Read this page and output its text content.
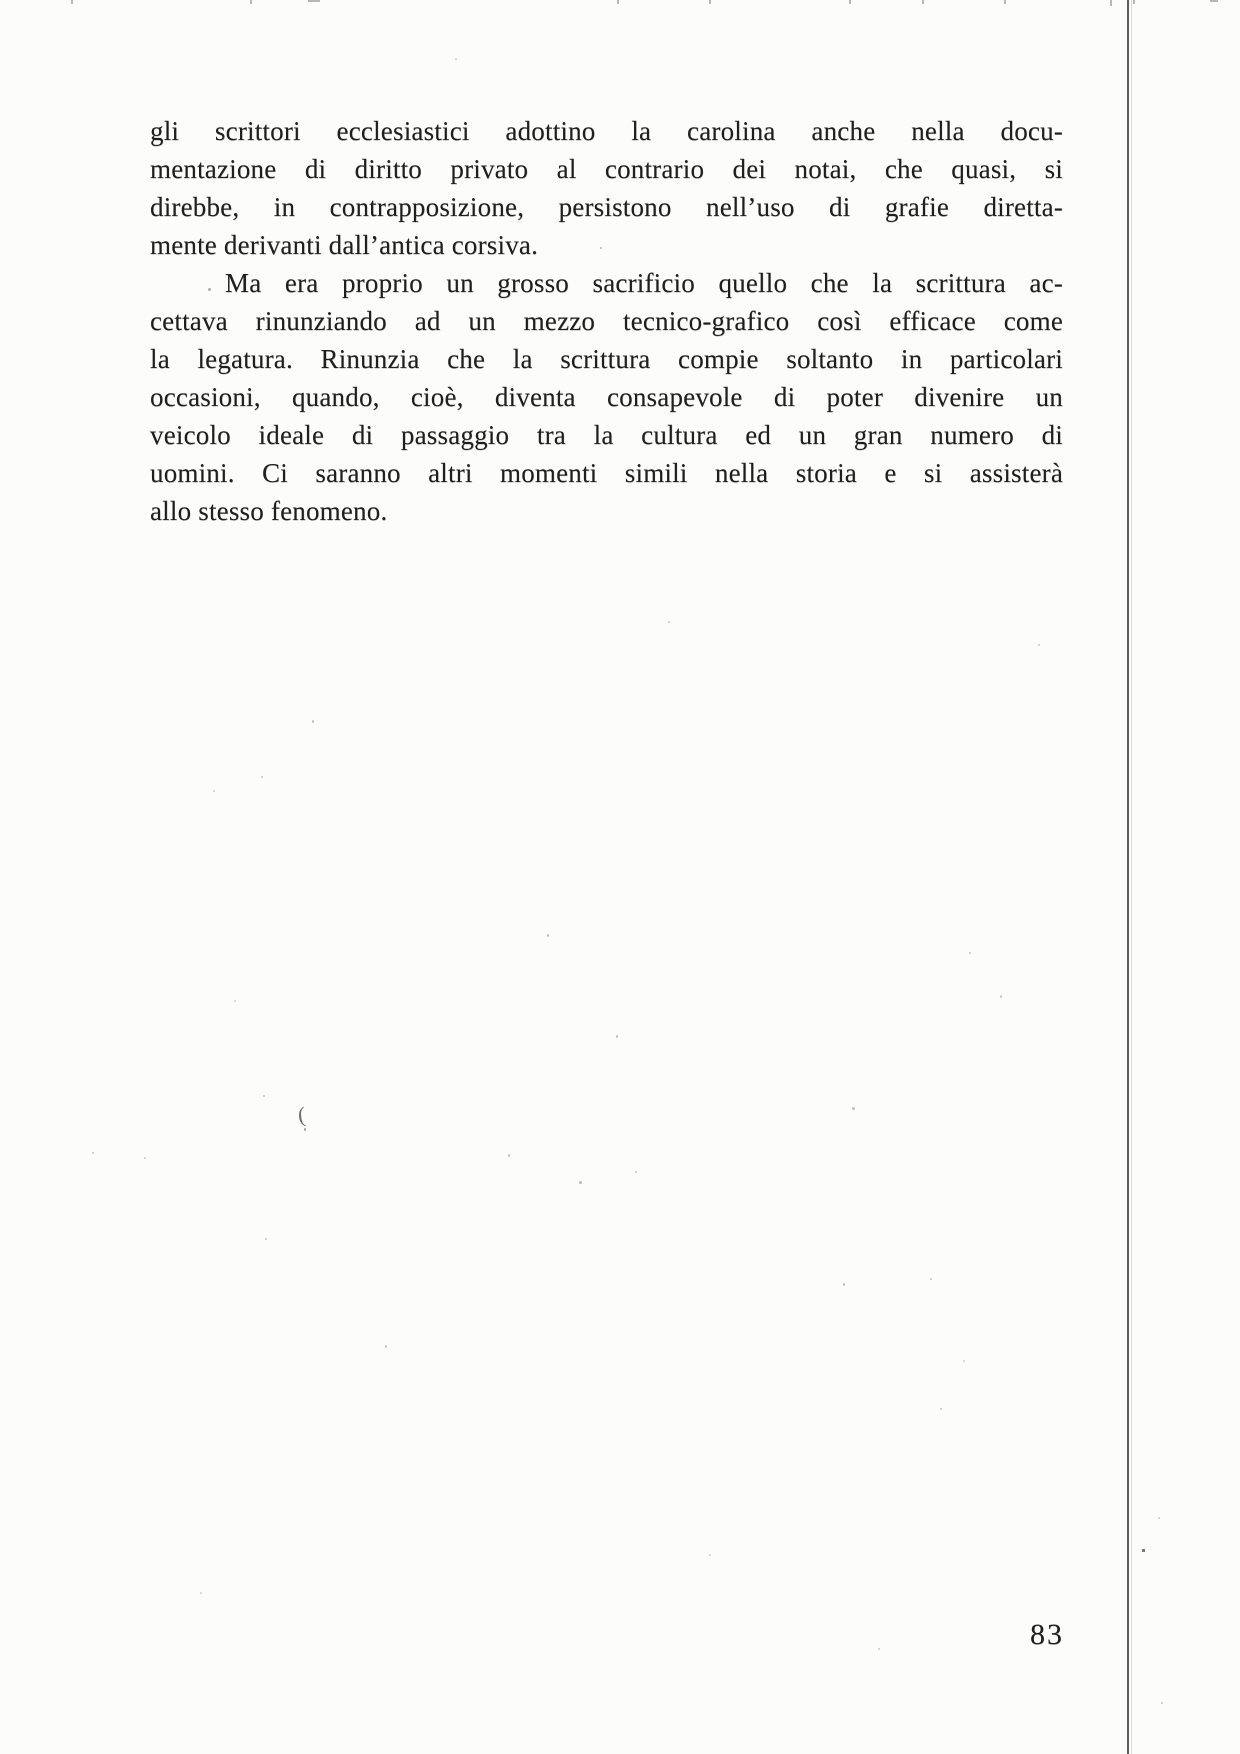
gli scrittori ecclesiastici adottino la carolina anche nella docu-
mentazione di diritto privato al contrario dei notai, che quasi, si
direbbe, in contrapposizione, persistono nell’uso di grafie diretta-
mente derivanti dall’antica corsiva.
Ma era proprio un grosso sacrificio quello che la scrittura ac-
cettava rinunziando ad un mezzo tecnico-grafico così efficace come
la legatura. Rinunzia che la scrittura compie soltanto in particolari
occasioni, quando, cioè, diventa consapevole di poter divenire un
veicolo ideale di passaggio tra la cultura ed un gran numero di
uomini. Ci saranno altri momenti simili nella storia e si assisterà
allo stesso fenomeno.
83
(
